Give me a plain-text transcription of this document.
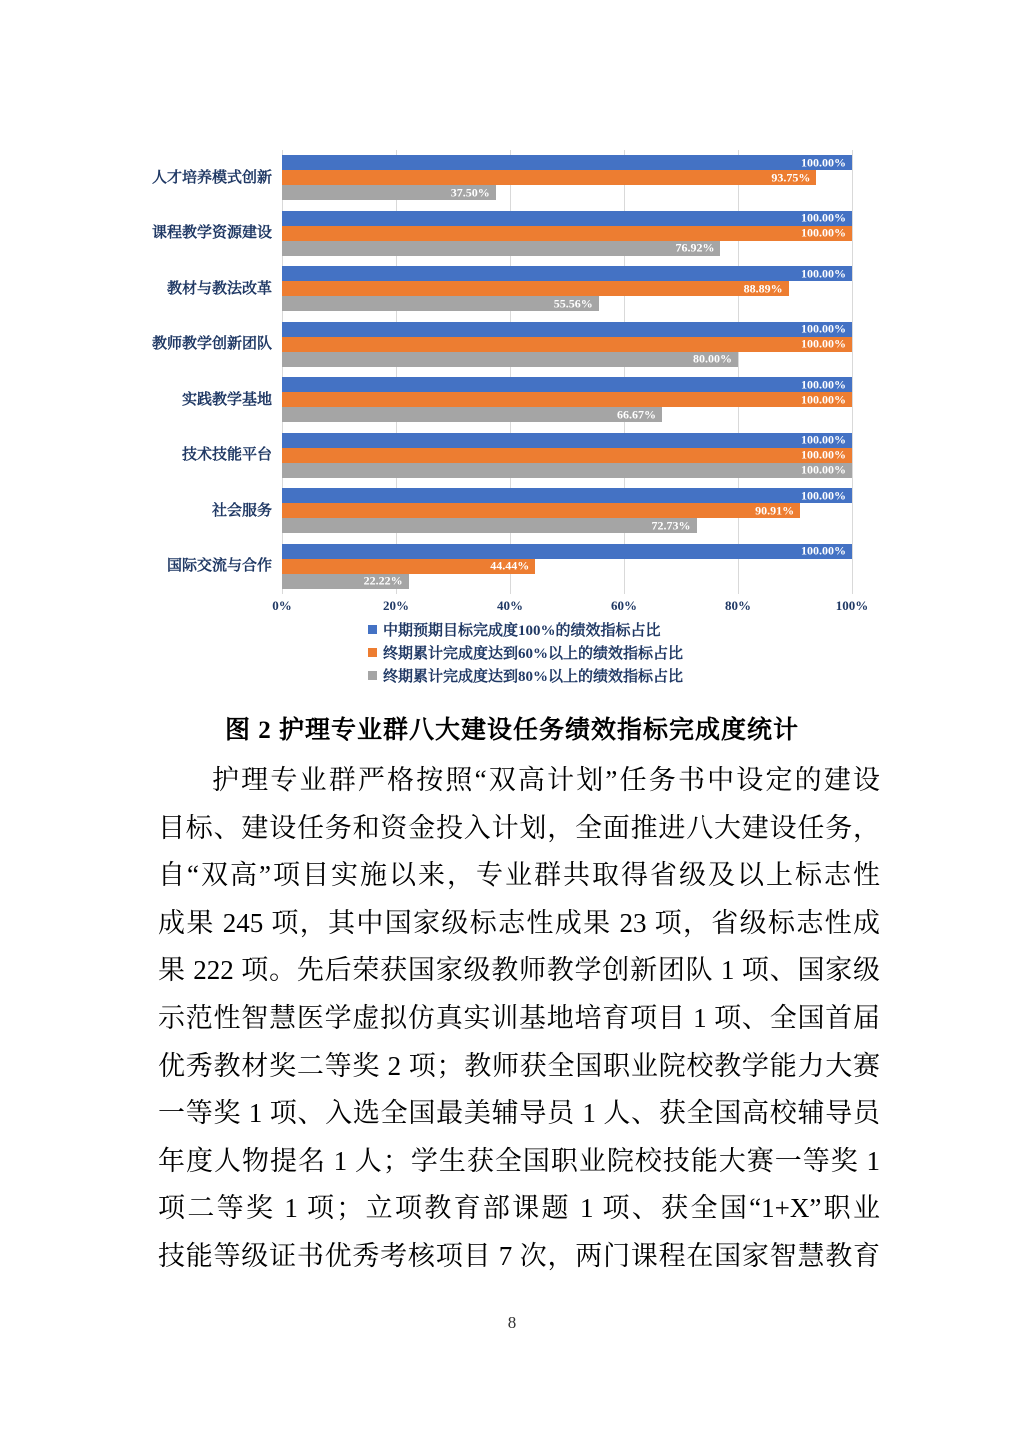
人才培养模式创新
100.00%
93.75%
37.50%
课程教学资源建设
100.00%
100.00%
76.92%
教材与教法改革
100.00%
88.89%
55.56%
教师教学创新团队
100.00%
100.00%
80.00%
实践教学基地
100.00%
100.00%
66.67%
技术技能平台
100.00%
100.00%
100.00%
社会服务
100.00%
90.91%
72.73%
国际交流与合作
100.00%
44.44%
22.22%
0%	20%	40%	60%	80%	100%
中期预期目标完成度100%的绩效指标占比
终期累计完成度达到60%以上的绩效指标占比
终期累计完成度达到80%以上的绩效指标占比
图 2 护理专业群八大建设任务绩效指标完成度统计
护理专业群严格按照“双高计划”任务书中设定的建设
目标、建设任务和资金投入计划，全面推进八大建设任务，
自“双高”项目实施以来，专业群共取得省级及以上标志性
成果 245 项，其中国家级标志性成果 23 项，省级标志性成
果 222 项。先后荣获国家级教师教学创新团队 1 项、国家级
示范性智慧医学虚拟仿真实训基地培育项目 1 项、全国首届
优秀教材奖二等奖 2 项；教师获全国职业院校教学能力大赛
一等奖 1 项、入选全国最美辅导员 1 人、获全国高校辅导员
年度人物提名 1 人；学生获全国职业院校技能大赛一等奖 1
项二等奖 1 项；立项教育部课题 1 项、获全国“1+X”职业
技能等级证书优秀考核项目 7 次，两门课程在国家智慧教育
8
